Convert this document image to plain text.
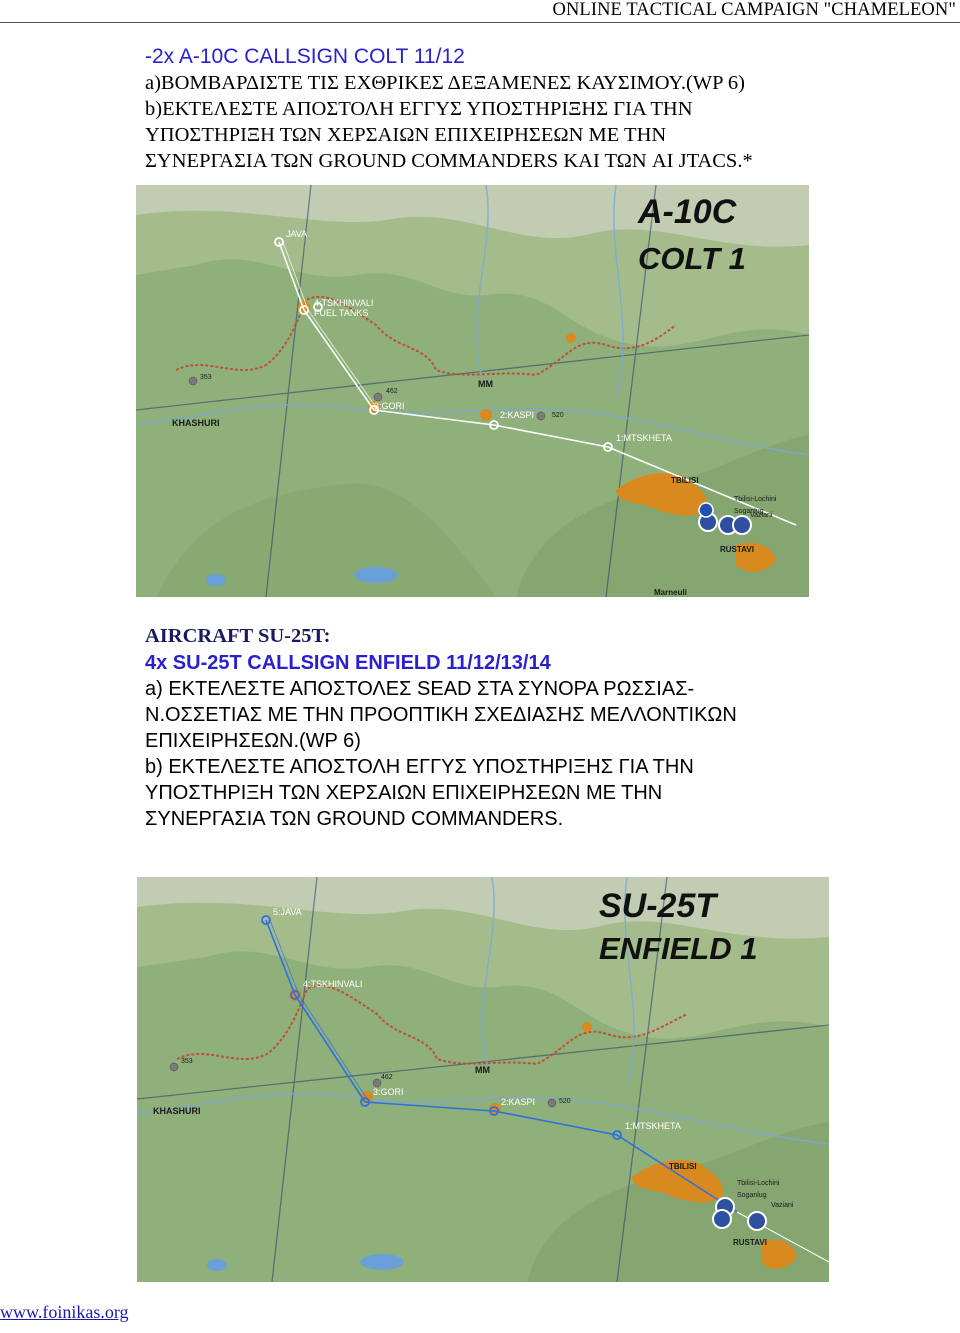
ONLINE TACTICAL CAMPAIGN "CHAMELEON"
-2x A-10C CALLSIGN COLT 11/12
a)ΒΟΜΒΑΡΔΙΣΤΕ ΤΙΣ ΕΧΘΡΙΚΕΣ ΔΕΞΑΜΕΝΕΣ ΚΑΥΣΙΜΟΥ.(WP 6)
b)ΕΚΤΕΛΕΣΤΕ ΑΠΟΣΤΟΛΗ ΕΓΓΥΣ ΥΠΟΣΤΗΡΙΞΗΣ ΓΙΑ ΤΗΝ
ΥΠΟΣΤΗΡΙΞΗ ΤΩΝ ΧΕΡΣΑΙΩΝ ΕΠΙΧΕΙΡΗΣΕΩΝ ΜΕ ΤΗΝ
ΣΥΝΕΡΓΑΣΙΑ ΤΩΝ GROUND COMMANDERS ΚΑΙ ΤΩΝ AI JTACS.*
JAVA
4:TSKHINVALI
FUEL TANKS
3:GORI
2:KASPI
1:MTSKHETA
KHASHURI
MM
TBILISI
Tbilisi-Lochini
Soganlug
Vaziani
RUSTAVI
Marneuli
353
462
520
A-10C
COLT 1
AIRCRAFT SU-25T:
4x SU-25T CALLSIGN ENFIELD 11/12/13/14
a) ΕΚΤΕΛΕΣΤΕ ΑΠΟΣΤΟΛΕΣ SEAD ΣΤΑ ΣΥΝΟΡΑ ΡΩΣΣΙΑΣ-
Ν.ΟΣΣΕΤΙΑΣ ΜΕ ΤΗΝ ΠΡΟΟΠΤΙΚΗ ΣΧΕΔΙΑΣΗΣ ΜΕΛΛΟΝΤΙΚΩΝ
ΕΠΙΧΕΙΡΗΣΕΩΝ.(WP 6)
b) ΕΚΤΕΛΕΣΤΕ ΑΠΟΣΤΟΛΗ ΕΓΓΥΣ ΥΠΟΣΤΗΡΙΞΗΣ ΓΙΑ ΤΗΝ
ΥΠΟΣΤΗΡΙΞΗ ΤΩΝ ΧΕΡΣΑΙΩΝ ΕΠΙΧΕΙΡΗΣΕΩΝ ΜΕ ΤΗΝ
ΣΥΝΕΡΓΑΣΙΑ ΤΩΝ GROUND COMMANDERS.
5:JAVA
4:TSKHINVALI
3:GORI
2:KASPI
1:MTSKHETA
KHASHURI
MM
TBILISI
Tbilisi-Lochini
Soganlug
Vaziani
RUSTAVI
353
462
520
SU-25T
ENFIELD 1
www.foinikas.org
